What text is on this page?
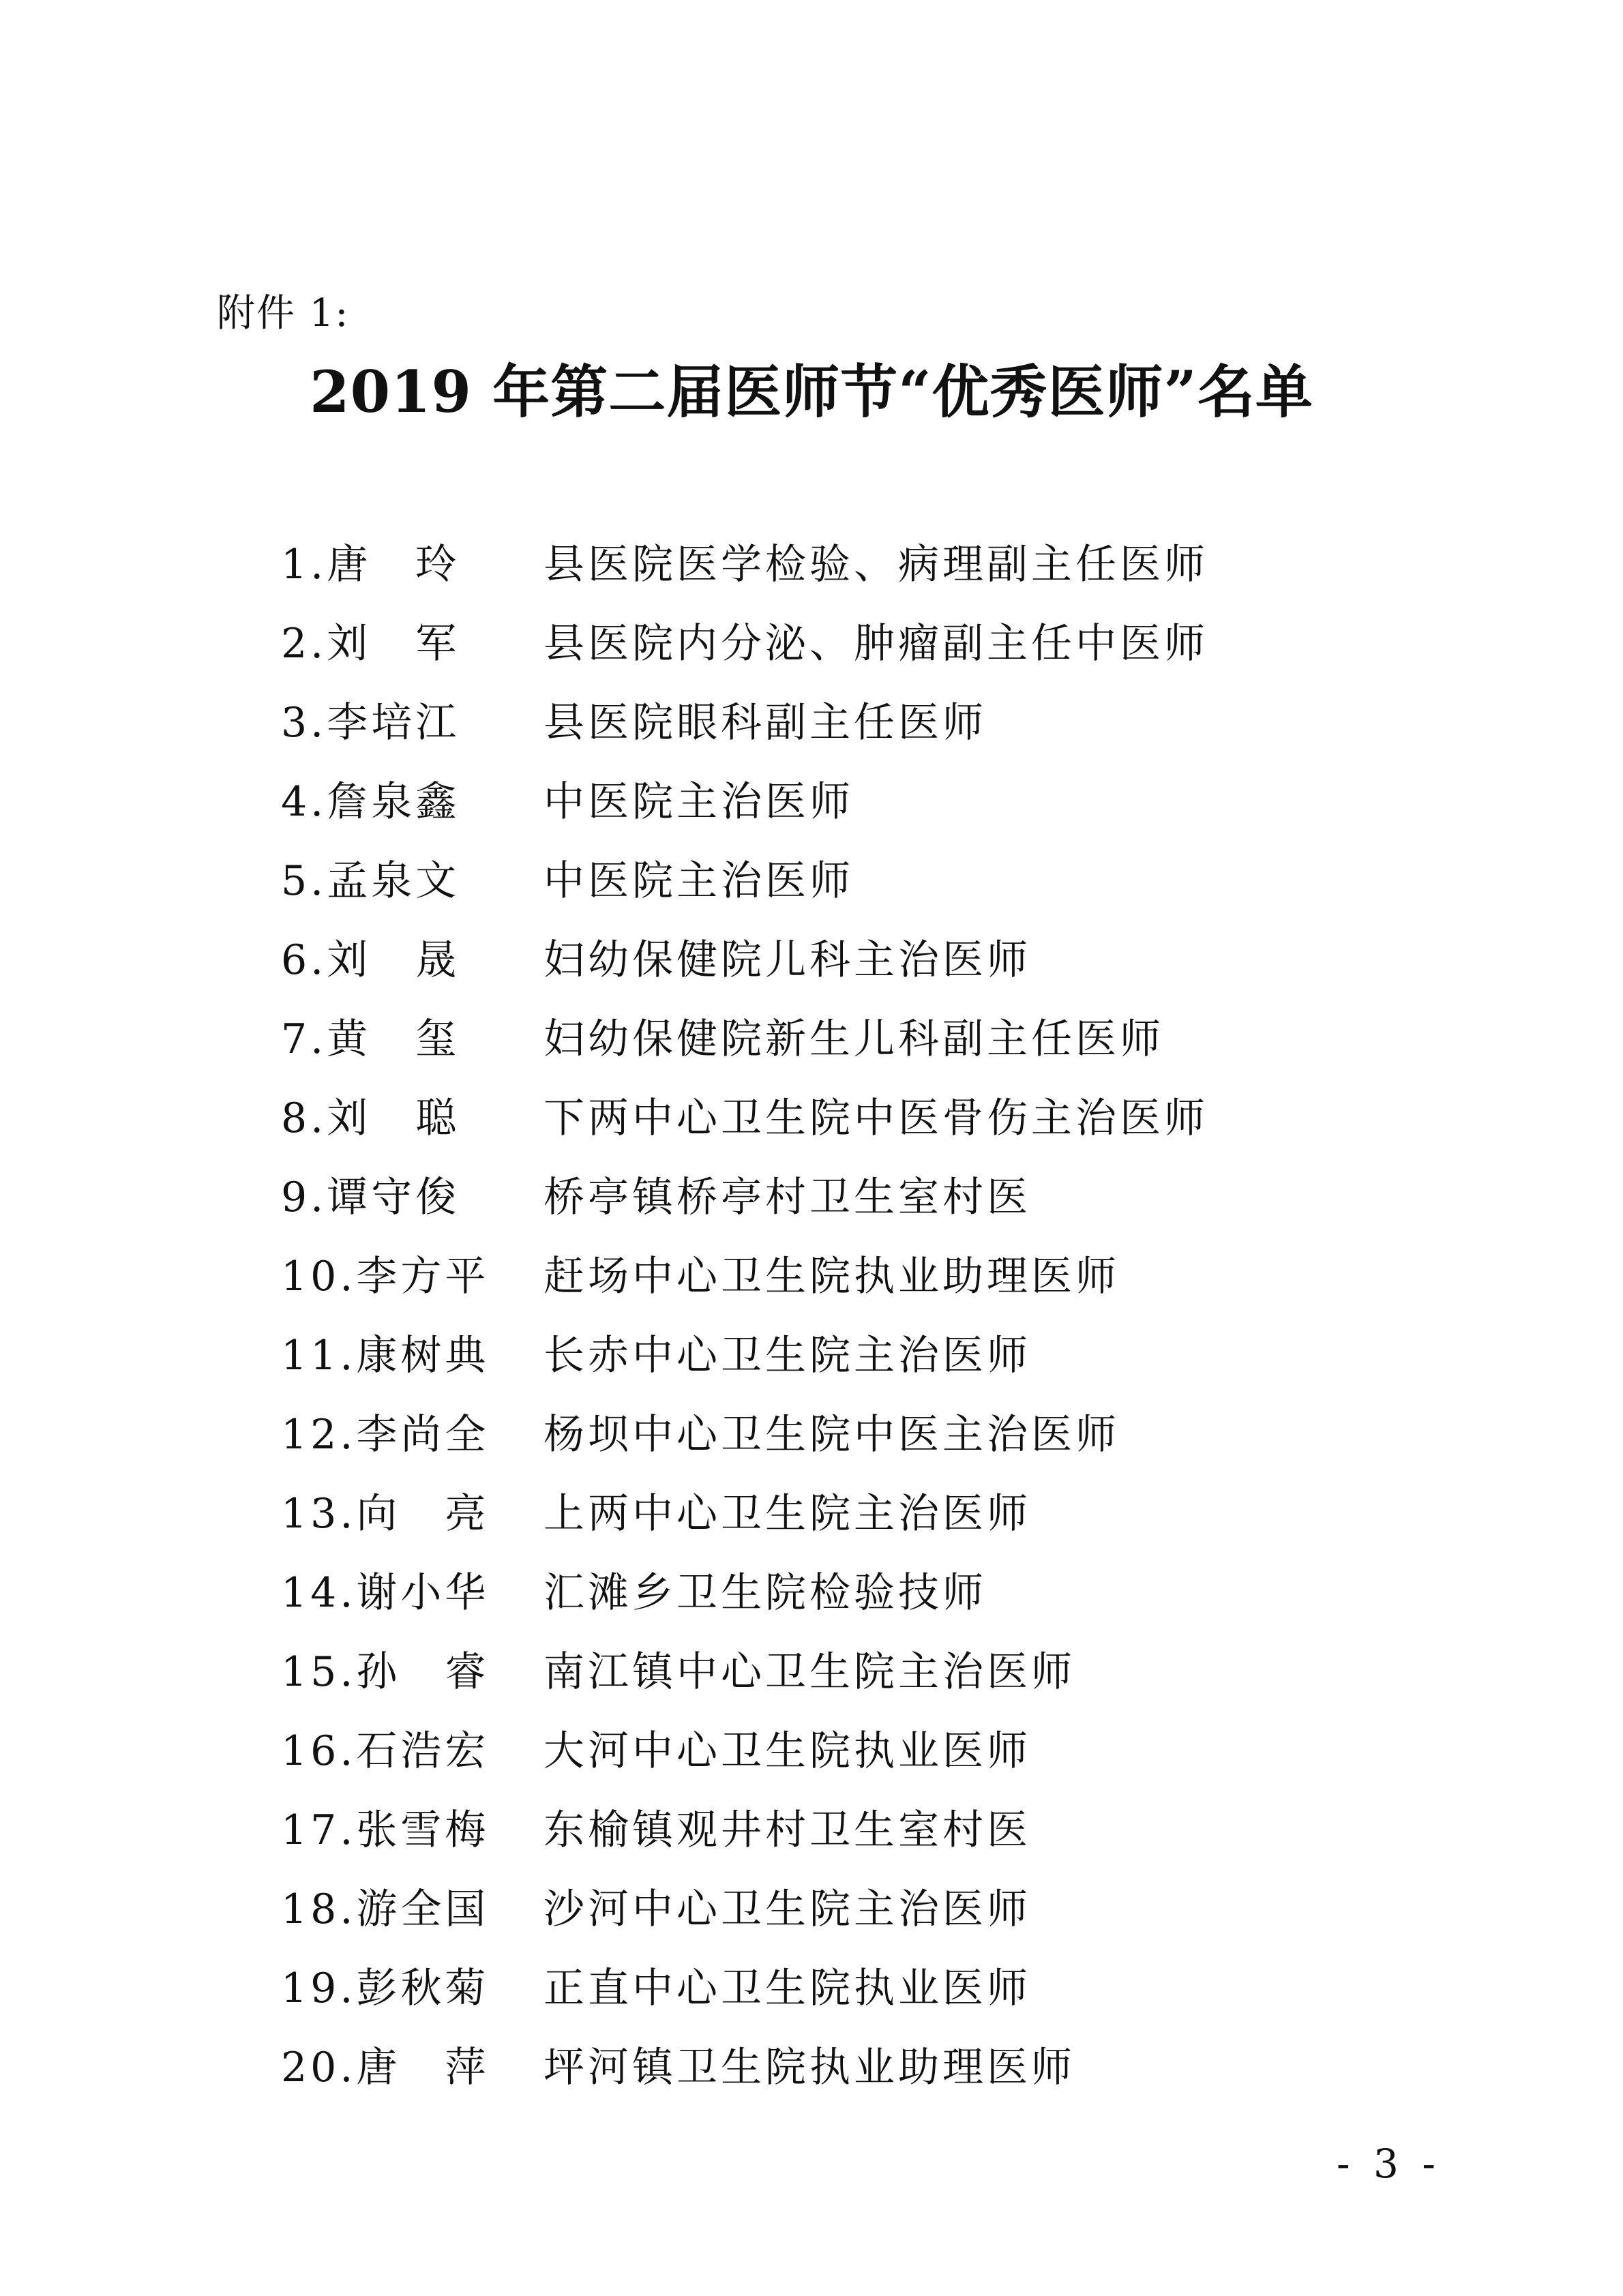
附件 1:
2019 年第二届医师节“优秀医师”名单
1.唐　玲	县医院医学检验、病理副主任医师
2.刘　军	县医院内分泌、肿瘤副主任中医师
3.李培江	县医院眼科副主任医师
4.詹泉鑫	中医院主治医师
5.孟泉文	中医院主治医师
6.刘　晟	妇幼保健院儿科主治医师
7.黄　玺	妇幼保健院新生儿科副主任医师
8.刘　聪	下两中心卫生院中医骨伤主治医师
9.谭守俊	桥亭镇桥亭村卫生室村医
10.李方平	赶场中心卫生院执业助理医师
11.康树典	长赤中心卫生院主治医师
12.李尚全	杨坝中心卫生院中医主治医师
13.向　亮	上两中心卫生院主治医师
14.谢小华	汇滩乡卫生院检验技师
15.孙　睿	南江镇中心卫生院主治医师
16.石浩宏	大河中心卫生院执业医师
17.张雪梅	东榆镇观井村卫生室村医
18.游全国	沙河中心卫生院主治医师
19.彭秋菊	正直中心卫生院执业医师
20.唐　萍	坪河镇卫生院执业助理医师
- 3 -
